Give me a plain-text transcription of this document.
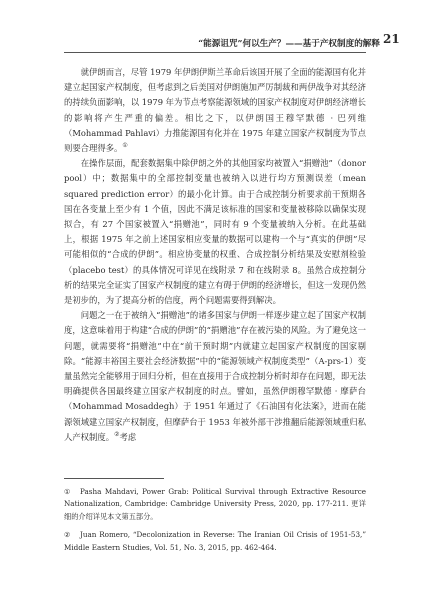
“能源诅咒”何以生产？——基于产权制度的解释 21

就伊朗而言，尽管 1979 年伊朗伊斯兰革命后该国开展了全面的能源国有化并建立起国家产权制度，但考虑到之后美国对伊朗施加严厉制裁和两伊战争对其经济的持续负面影响，以 1979 年为节点考察能源领域的国家产权制度对伊朗经济增长的影响将产生严重的偏差。相比之下，以伊朗国王穆罕默德 · 巴列维（Mohammad Pahlavi）力推能源国有化并在 1975 年建立国家产权制度为节点则要合理得多。①

在操作层面，配套数据集中除伊朗之外的其他国家均被置入“捐赠池”（donor pool）中；数据集中的全部控制变量也被纳入以进行均方预测误差（mean squared prediction error）的最小化计算。由于合成控制分析要求前干预期各国在各变量上至少有 1 个值，因此不满足该标准的国家和变量被移除以确保实现拟合，有 27 个国家被置入“捐赠池”，同时有 9 个变量被纳入分析。在此基础上，根据 1975 年之前上述国家相应变量的数据可以建构一个与“真实的伊朗”尽可能相似的“合成的伊朗”。相应协变量的权重、合成控制分析结果及安慰剂检验（placebo test）的具体情况可详见在线附录 7 和在线附录 8。虽然合成控制分析的结果完全证实了国家产权制度的建立有碍于伊朗的经济增长，但这一发现仍然是初步的，为了提高分析的信度，两个问题需要得到解决。

问题之一在于被纳入“捐赠池”的诸多国家与伊朗一样逐步建立起了国家产权制度，这意味着用于构建“合成的伊朗”的“捐赠池”存在被污染的风险。为了避免这一问题，就需要将“捐赠池”中在“前干预时期”内就建立起国家产权制度的国家剔除。“能源丰裕国主要社会经济数据”中的“能源领域产权制度类型”（A-prs-1）变量虽然完全能够用于回归分析，但在直接用于合成控制分析时却存在问题，即无法明确提供各国最终建立国家产权制度的时点。譬如，虽然伊朗穆罕默德 · 摩萨台（Mohammad Mosaddegh）于 1951 年通过了《石油国有化法案》，进而在能源领域建立国家产权制度，但摩萨台于 1953 年被外部干涉推翻后能源领域重归私人产权制度。②考虑

① Pasha Mahdavi, Power Grab: Political Survival through Extractive Resource Nationalization, Cambridge: Cambridge University Press, 2020, pp. 177-211. 更详细的介绍详见本文第五部分。

② Juan Romero, “Decolonization in Reverse: The Iranian Oil Crisis of 1951-53,” Middle Eastern Studies, Vol. 51, No. 3, 2015, pp. 462-464.
